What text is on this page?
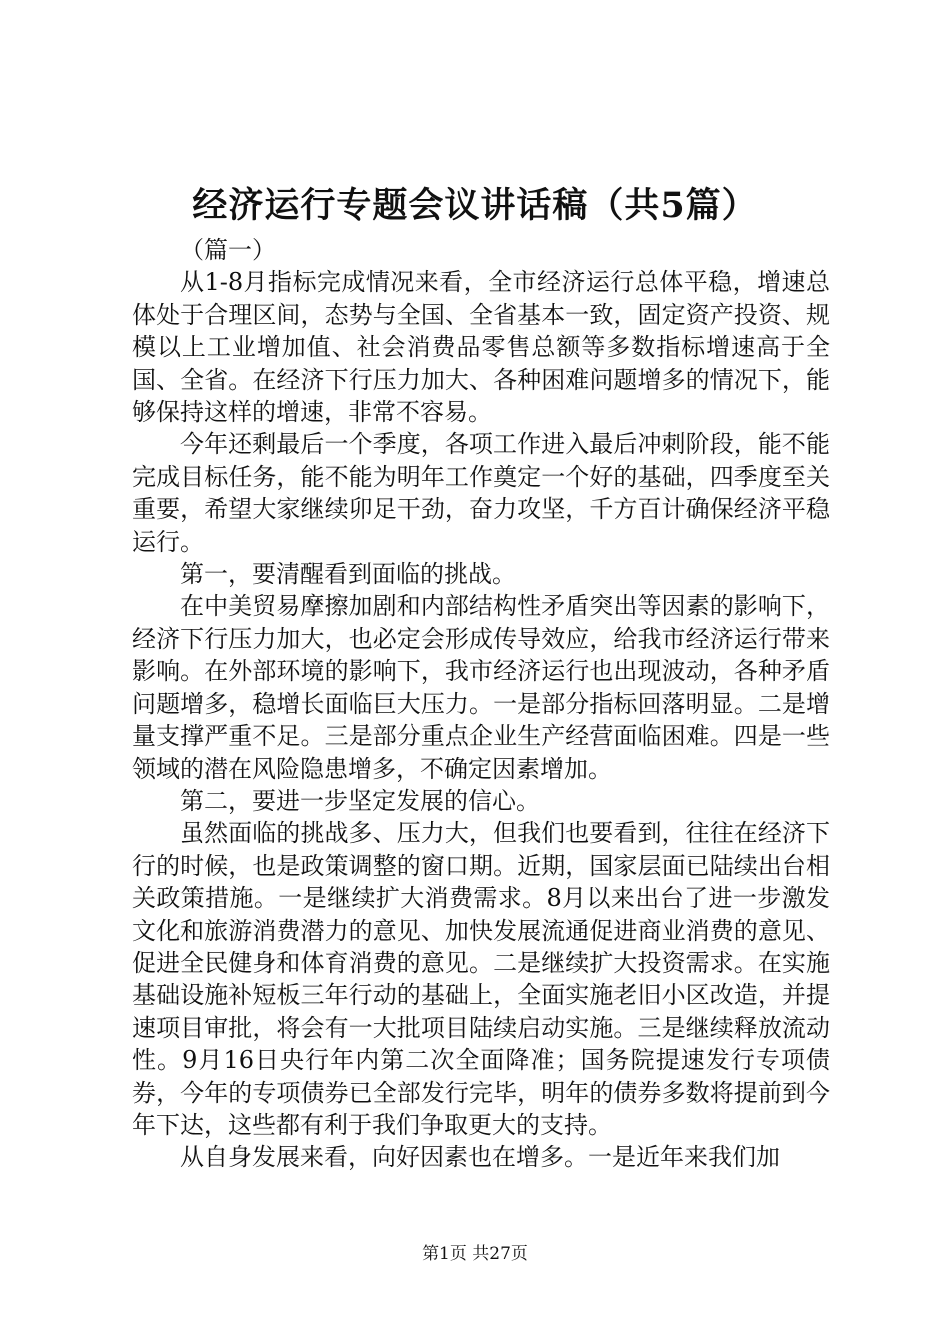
经济运行专题会议讲话稿（共5篇）

（篇一）

从1-8月指标完成情况来看，全市经济运行总体平稳，增速总体处于合理区间，态势与全国、全省基本一致，固定资产投资、规模以上工业增加值、社会消费品零售总额等多数指标增速高于全国、全省。在经济下行压力加大、各种困难问题增多的情况下，能够保持这样的增速，非常不容易。

今年还剩最后一个季度，各项工作进入最后冲刺阶段，能不能完成目标任务，能不能为明年工作奠定一个好的基础，四季度至关重要，希望大家继续卯足干劲，奋力攻坚，千方百计确保经济平稳运行。

第一，要清醒看到面临的挑战。

在中美贸易摩擦加剧和内部结构性矛盾突出等因素的影响下，经济下行压力加大，也必定会形成传导效应，给我市经济运行带来影响。在外部环境的影响下，我市经济运行也出现波动，各种矛盾问题增多，稳增长面临巨大压力。一是部分指标回落明显。二是增量支撑严重不足。三是部分重点企业生产经营面临困难。四是一些领域的潜在风险隐患增多，不确定因素增加。

第二，要进一步坚定发展的信心。

虽然面临的挑战多、压力大，但我们也要看到，往往在经济下行的时候，也是政策调整的窗口期。近期，国家层面已陆续出台相关政策措施。一是继续扩大消费需求。8月以来出台了进一步激发文化和旅游消费潜力的意见、加快发展流通促进商业消费的意见、促进全民健身和体育消费的意见。二是继续扩大投资需求。在实施基础设施补短板三年行动的基础上，全面实施老旧小区改造，并提速项目审批，将会有一大批项目陆续启动实施。三是继续释放流动性。9月16日央行年内第二次全面降准；国务院提速发行专项债券，今年的专项债券已全部发行完毕，明年的债券多数将提前到今年下达，这些都有利于我们争取更大的支持。

从自身发展来看，向好因素也在增多。一是近年来我们加

第1页 共27页
